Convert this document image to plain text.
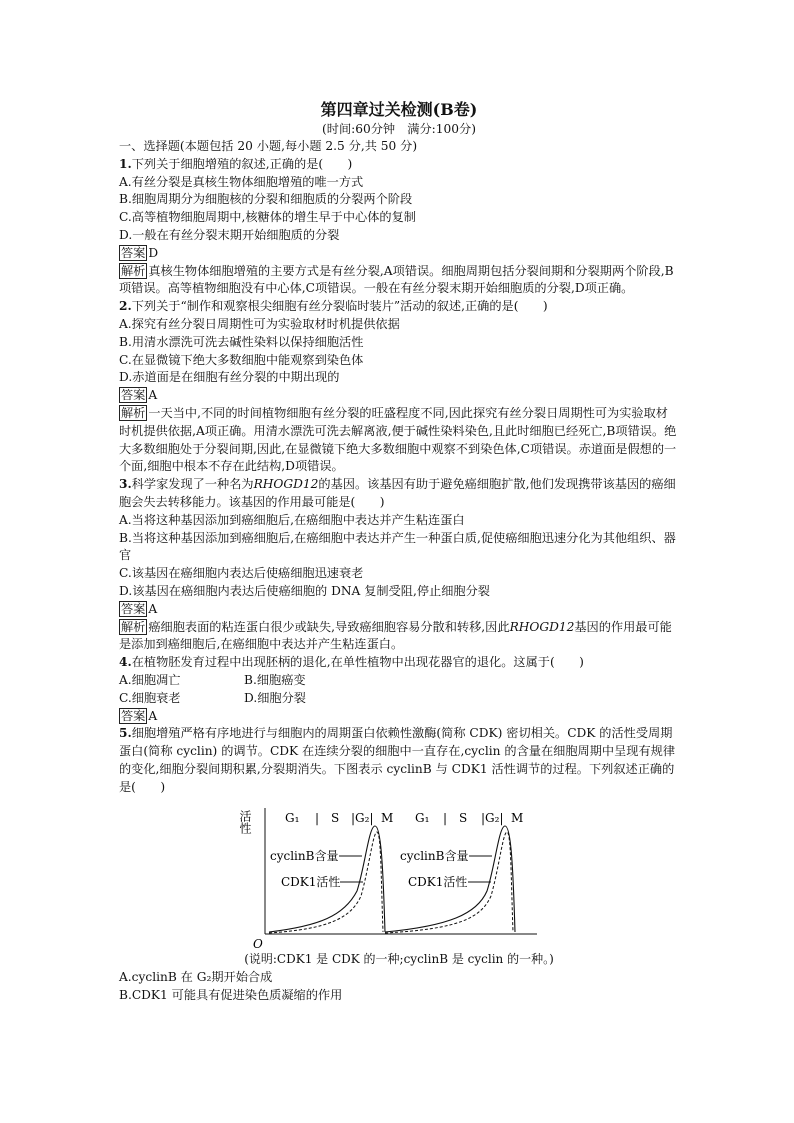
第四章过关检测(B卷)
(时间:60分钟　满分:100分)
一、选择题(本题包括 20 小题,每小题 2.5 分,共 50 分)
1.下列关于细胞增殖的叙述,正确的是(　　)
A.有丝分裂是真核生物体细胞增殖的唯一方式
B.细胞周期分为细胞核的分裂和细胞质的分裂两个阶段
C.高等植物细胞周期中,核糖体的增生早于中心体的复制
D.一般在有丝分裂末期开始细胞质的分裂
答案 D
解析 真核生物体细胞增殖的主要方式是有丝分裂,A项错误。细胞周期包括分裂间期和分裂期两个阶段,B项错误。高等植物细胞没有中心体,C项错误。一般在有丝分裂末期开始细胞质的分裂,D项正确。
2.下列关于“制作和观察根尖细胞有丝分裂临时装片”活动的叙述,正确的是(　　)
A.探究有丝分裂日周期性可为实验取材时机提供依据
B.用清水漂洗可洗去碱性染料以保持细胞活性
C.在显微镜下绝大多数细胞中能观察到染色体
D.赤道面是在细胞有丝分裂的中期出现的
答案 A
解析 一天当中,不同的时间植物细胞有丝分裂的旺盛程度不同,因此探究有丝分裂日周期性可为实验取材时机提供依据,A项正确。用清水漂洗可洗去解离液,便于碱性染料染色,且此时细胞已经死亡,B项错误。绝大多数细胞处于分裂间期,因此,在显微镜下绝大多数细胞中观察不到染色体,C项错误。赤道面是假想的一个面,细胞中根本不存在此结构,D项错误。
3.科学家发现了一种名为RHOGD12的基因。该基因有助于避免癌细胞扩散,他们发现携带该基因的癌细胞会失去转移能力。该基因的作用最可能是(　　)
A.当将这种基因添加到癌细胞后,在癌细胞中表达并产生粘连蛋白
B.当将这种基因添加到癌细胞后,在癌细胞中表达并产生一种蛋白质,促使癌细胞迅速分化为其他组织、器官
C.该基因在癌细胞内表达后使癌细胞迅速衰老
D.该基因在癌细胞内表达后使癌细胞的 DNA 复制受阻,停止细胞分裂
答案 A
解析 癌细胞表面的粘连蛋白很少或缺失,导致癌细胞容易分散和转移,因此RHOGD12基因的作用最可能是添加到癌细胞后,在癌细胞中表达并产生粘连蛋白。
4.在植物胚发育过程中出现胚柄的退化,在单性植物中出现花器官的退化。这属于(　　)
A.细胞凋亡	B.细胞癌变
C.细胞衰老	D.细胞分裂
答案 A
5.细胞增殖严格有序地进行与细胞内的周期蛋白依赖性激酶(简称 CDK) 密切相关。CDK 的活性受周期蛋白(简称 cyclin) 的调节。CDK 在连续分裂的细胞中一直存在,cyclin 的含量在细胞周期中呈现有规律的变化,细胞分裂间期积累,分裂期消失。下图表示 cyclinB 与 CDK1 活性调节的过程。下列叙述正确的是(　　)
活性
O
G₁ | S |G₂| M G₁ | S |G₂| M
cyclinB含量
CDK1活性
cyclinB含量
CDK1活性
(说明:CDK1 是 CDK 的一种;cyclinB 是 cyclin 的一种。)
A.cyclinB 在 G₂期开始合成
B.CDK1 可能具有促进染色质凝缩的作用
